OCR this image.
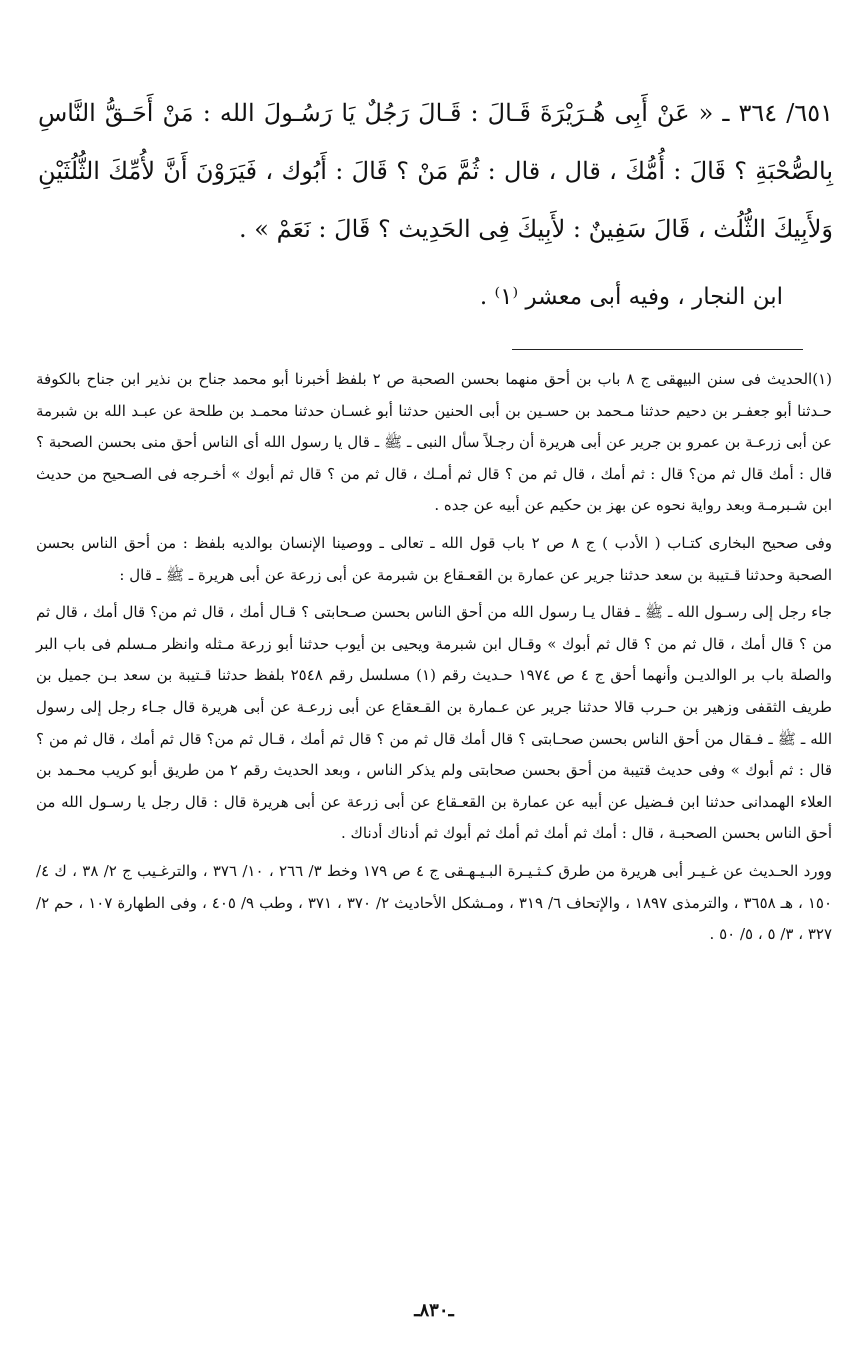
٦٥١/ ٣٦٤ ـ « عَنْ أَبِى هُـرَيْرَةَ قَـالَ : قَـالَ رَجُلٌ يَا رَسُـولَ الله : مَنْ أَحَـقُّ النَّاسِ بِالصُّحْبَةِ ؟ قَالَ : أُمُّكَ ، قال ، قال : ثُمَّ مَنْ ؟ قَالَ : أَبُوك ، فَيَرَوْنَ أَنَّ لأُمِّكَ الثُّلُثَيْنِ وَلأَبِيكَ الثُّلُث ، قَالَ سَفِينٌ : لأَبِيكَ فِى الحَدِيث ؟ قَالَ : نَعَمْ » .

ابن النجار ، وفيه أبى معشر ⁽١⁾ .

(١)الحديث فى سنن البيهقى ج ٨ باب بن أحق منهما بحسن الصحبة ص ٢ بلفظ أخبرنا أبو محمد جناح بن نذير ابن جناح بالكوفة حـدثنا أبو جعفـر بن دحيم حدثنا مـحمد بن حسـين بن أبى الحنين حدثنا أبو غسـان حدثنا محمـد بن طلحة عن عبـد الله بن شبرمة عن أبى زرعـة بن عمرو بن جرير عن أبى هريرة أن رجـلاً سأل النبى ـ ﷺ ـ قال يا رسول الله أى الناس أحق منى بحسن الصحبة ؟ قال : أمك قال ثم من؟ قال : ثم أمك ، قال ثم من ؟ قال ثم أمـك ، قال ثم من ؟ قال ثم أبوك » أخـرجه فى الصـحيح من حديث ابن شـبرمـة وبعد رواية نحوه عن بهز بن حكيم عن أبيه عن جده .

وفى صحيح البخارى كتـاب ( الأدب ) ج ٨ ص ٢ باب قول الله ـ تعالى ـ ووصينا الإنسان بوالديه بلفظ : من أحق الناس بحسن الصحبة وحدثنا قـتيبة بن سعد حدثنا جرير عن عمارة بن القعـقاع بن شبرمة عن أبى زرعة عن أبى هريرة ـ ﷺ ـ قال :

جاء رجل إلى رسـول الله ـ ﷺ ـ فقال يـا رسول الله من أحق الناس بحسن صـحابتى ؟ قـال أمك ، قال ثم من؟ قال أمك ، قال ثم من ؟ قال أمك ، قال ثم من ؟ قال ثم أبوك » وقـال ابن شبرمة ويحيى بن أيوب حدثنا أبو زرعة مـثله وانظر مـسلم فى باب البر والصلة باب بر الوالديـن وأنهما أحق ج ٤ ص ١٩٧٤ حـديث رقم (١) مسلسل رقم ٢٥٤٨ بلفظ حدثنا قـتيبة بن سعد بـن جميل بن طريف الثقفى وزهير بن حـرب قالا حدثنا جرير عن عـمارة بن القـعقاع عن أبى زرعـة عن أبى هريرة قال جـاء رجل إلى رسول الله ـ ﷺ ـ فـقال من أحق الناس بحسن صحـابتى ؟ قال أمك قال ثم من ؟ قال ثم أمك ، قـال ثم من؟ قال ثم أمك ، قال ثم من ؟ قال : ثم أبوك » وفى حديث قتيبة من أحق بحسن صحابتى ولم يذكر الناس ، وبعد الحديث رقم ٢ من طريق أبو كريب محـمد بن العلاء الهمدانى حدثنا ابن فـضيل عن أبيه عن عمارة بن القعـقاع عن أبى زرعة عن أبى هريرة قال : قال رجل يا رسـول الله من أحق الناس بحسن الصحبـة ، قال : أمك ثم أمك ثم أمك ثم أبوك ثم أدناك أدناك .

وورد الحـديث عن غـيـر أبى هريرة من طرق كـثـيـرة البـيـهـقى ج ٤ ص ١٧٩ وخط ٣/ ٢٦٦ ، ١٠/ ٣٧٦ ، والترغـيب ج ٢/ ٣٨ ، ك ٤/ ١٥٠ ، هـ ٣٦٥٨ ، والترمذى ١٨٩٧ ، والإتحاف ٦/ ٣١٩ ، ومـشكل الأحاديث ٢/ ٣٧٠ ، ٣٧١ ، وطب ٩/ ٤٠٥ ، وفى الطهارة ١٠٧ ، حم ٢/ ٣٢٧ ، ٣/ ٥ ، ٥/ ٥٠ .

ـ٨٣٠ـ
